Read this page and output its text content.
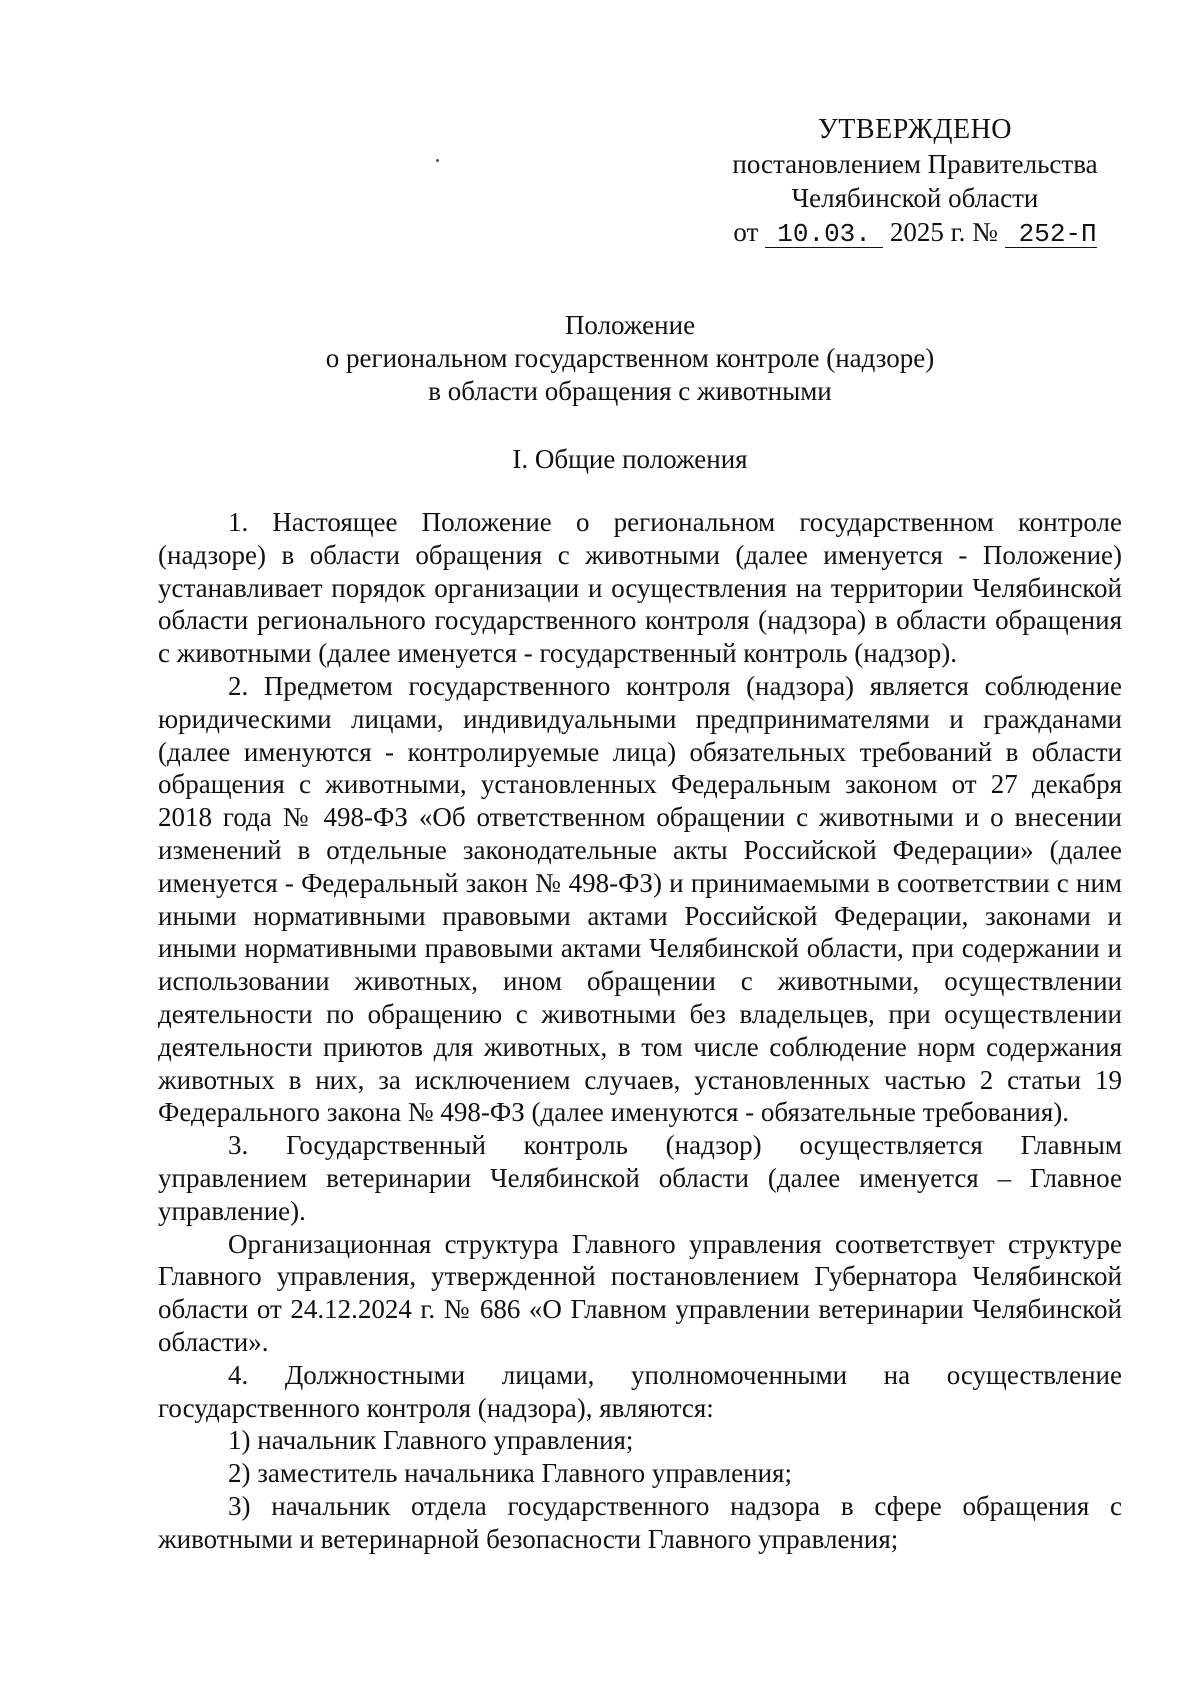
УТВЕРЖДЕНО
постановлением Правительства
Челябинской области
от 10.03. 2025 г. № 252-П
Положение
о региональном государственном контроле (надзоре)
в области обращения с животными
I. Общие положения

1. Настоящее Положение о региональном государственном контроле (надзоре) в области обращения с животными (далее именуется - Положение) устанавливает порядок организации и осуществления на территории Челябинской области регионального государственного контроля (надзора) в области обращения с животными (далее именуется - государственный контроль (надзор).

2. Предметом государственного контроля (надзора) является соблюдение юридическими лицами, индивидуальными предпринимателями и гражданами (далее именуются - контролируемые лица) обязательных требований в области обращения с животными, установленных Федеральным законом от 27 декабря 2018 года № 498-ФЗ «Об ответственном обращении с животными и о внесении изменений в отдельные законодательные акты Российской Федерации» (далее именуется - Федеральный закон № 498-ФЗ) и принимаемыми в соответствии с ним иными нормативными правовыми актами Российской Федерации, законами и иными нормативными правовыми актами Челябинской области, при содержании и использовании животных, ином обращении с животными, осуществлении деятельности по обращению с животными без владельцев, при осуществлении деятельности приютов для животных, в том числе соблюдение норм содержания животных в них, за исключением случаев, установленных частью 2 статьи 19 Федерального закона № 498-ФЗ (далее именуются - обязательные требования).

3. Государственный контроль (надзор) осуществляется Главным управлением ветеринарии Челябинской области (далее именуется – Главное управление).

Организационная структура Главного управления соответствует структуре Главного управления, утвержденной постановлением Губернатора Челябинской области от 24.12.2024 г. № 686 «О Главном управлении ветеринарии Челябинской области».

4. Должностными лицами, уполномоченными на осуществление государственного контроля (надзора), являются:

1) начальник Главного управления;

2) заместитель начальника Главного управления;

3) начальник отдела государственного надзора в сфере обращения с животными и ветеринарной безопасности Главного управления;
